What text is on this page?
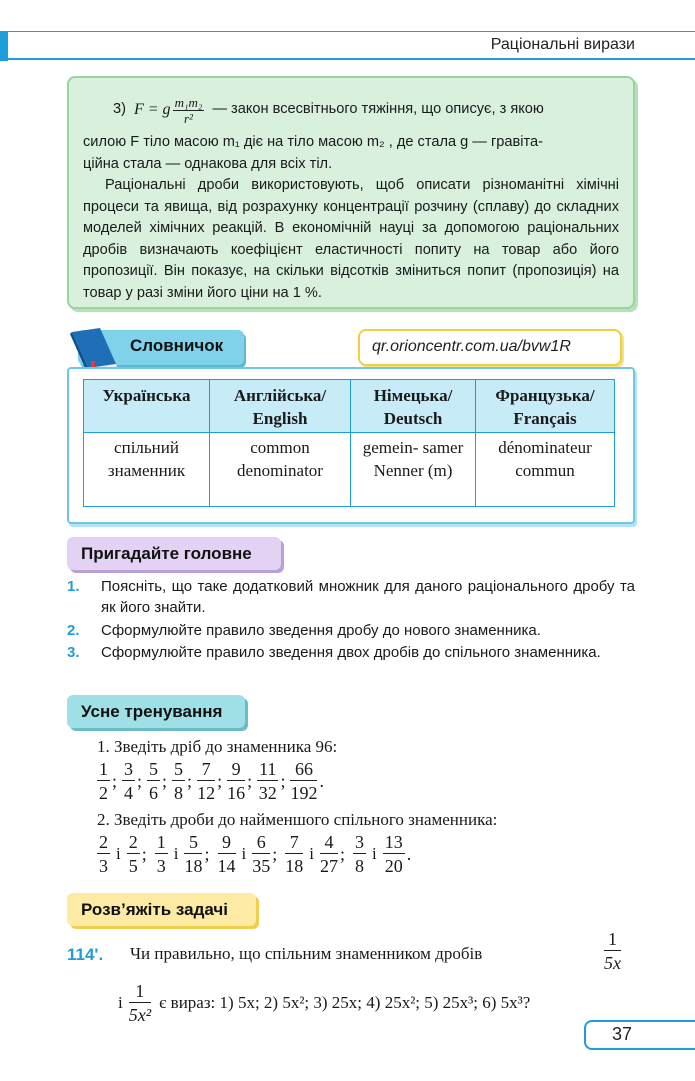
Раціональні вирази

3) F = g $\frac{\text{m₁m₂}}{\text{r²}}$ — закон всесвітнього тяжіння, що описує, з якою

силою F тіло масою m₁ діє на тіло масою m₂ , де стала g — гравіта-

ційна стала — однакова для всіх тіл.

Раціональні дроби використовують, щоб описати різноманітні хімічні процеси та явища, від розрахунку концентрації розчину (сплаву) до складних моделей хімічних реакцій. В економічній науці за допомогою раціональних дробів визначають коефіцієнт еластичності попиту на товар або його пропозиції. Він показує, на скільки відсотків зміниться попит (пропозиція) на товар у разі зміни його ціни на 1 %.

Словничок	qr.orioncentr.com.ua/bvw1R
Українська	Англійська/ English	Німецька/ Deutsch	Французька/ Français
спільний знаменник	common denominator	gemein- samer Nenner (m)	dénominateur commun
Пригадайте головне
1. Поясніть, що таке додатковий множник для даного раціонального дробу та як його знайти.
2. Сформулюйте правило зведення дробу до нового знаменника.
3. Сформулюйте правило зведення двох дробів до спільного знаменника.
Усне тренування
1. Зведіть дріб до знаменника 96:
$\frac{1}{2}$ ; $\frac{3}{4}$ ; $\frac{5}{6}$ ; $\frac{5}{8}$ ; $\frac{7}{12}$ ; $\frac{9}{16}$ ; $\frac{11}{32}$ ; $\frac{66}{192}$ .
2. Зведіть дроби до найменшого спільного знаменника:
$\frac{2}{3}$ і $\frac{2}{5}$ ; $\frac{1}{3}$ і $\frac{5}{18}$ ; $\frac{9}{14}$ і $\frac{6}{35}$ ; $\frac{7}{18}$ і $\frac{4}{27}$ ; $\frac{3}{8}$ і $\frac{13}{20}$ .
Розв’яжіть задачі
114'. Чи правильно, що спільним знаменником дробів	$\frac{1}{5x}$
і $\frac{1}{\text{5x²}}$ є вираз: 1) 5x; 2) 5x²; 3) 25x; 4) 25x²; 5) 25x³; 6) 5x³?
37
